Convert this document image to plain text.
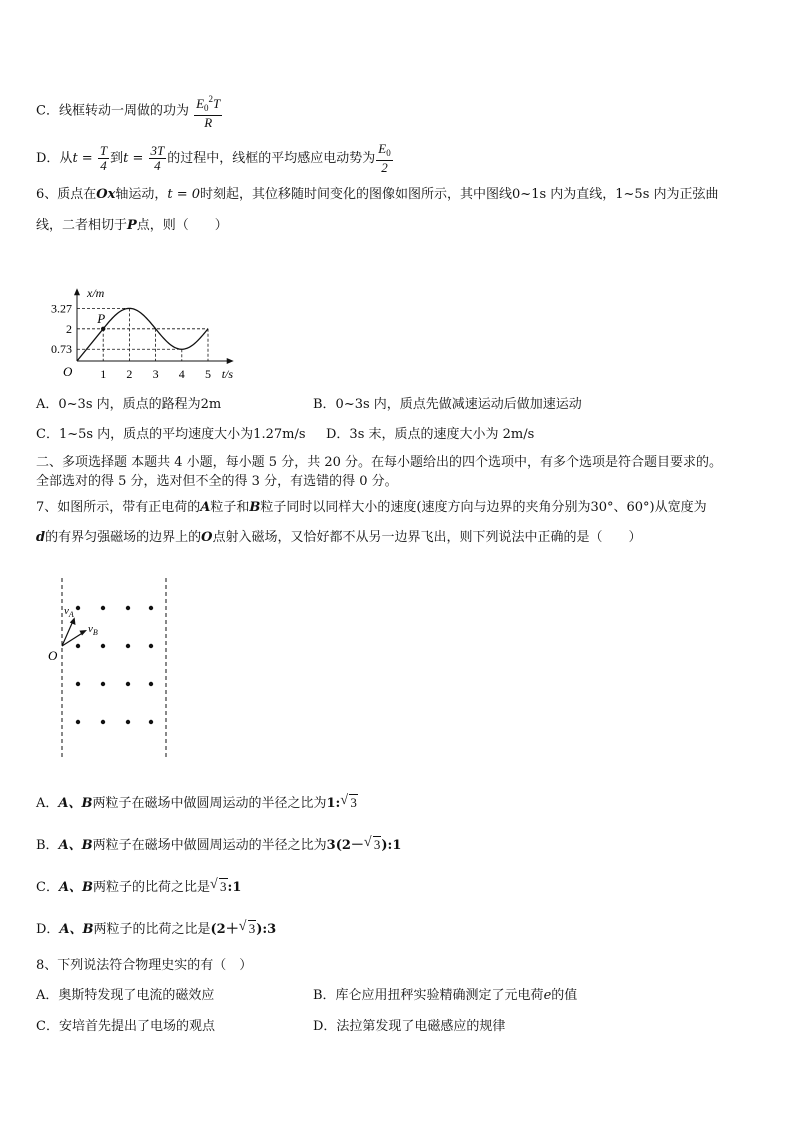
C．线框转动一周做的功为 $\frac{E_0^2T}{R}$
D．从$t = \frac{T}{4}$ 到$t = \frac{3T}{4}$ 的过程中，线框的平均感应电动势为 $\frac{E_0}{2}$
6、质点在Ox轴运动，t = 0时刻起，其位移随时间变化的图像如图所示，其中图线0~1s 内为直线，1~5s 内为正弦曲
线，二者相切于P点，则（　　）
x/m
t/s
O 1 2 3 4 5
0.73
2
3.27
P
A．0~3s 内，质点的路程为2m	B．0~3s 内，质点先做减速运动后做加速运动
C．1~5s 内，质点的平均速度大小为1.27m/s D．3s 末，质点的速度大小为 2m/s
二、多项选择题 本题共 4 小题，每小题 5 分，共 20 分。在每小题给出的四个选项中，有多个选项是符合题目要求的。
全部选对的得 5 分，选对但不全的得 3 分，有选错的得 0 分。
7、如图所示，带有正电荷的A粒子和B粒子同时以同样大小的速度(速度方向与边界的夹角分别为30°、60°)从宽度为
d的有界匀强磁场的边界上的O点射入磁场，又恰好都不从另一边界飞出，则下列说法中正确的是（　　）
O
$v_A$
$v_B$
A．A、B两粒子在磁场中做圆周运动的半径之比为1: √ 3
B．A、B两粒子在磁场中做圆周运动的半径之比为3(2－ √ 3):1
C．A、B两粒子的比荷之比是 √ 3:1
D．A、B两粒子的比荷之比是(2＋ √ 3):3
8、下列说法符合物理史实的有（　）
A．奥斯特发现了电流的磁效应	B．库仑应用扭秤实验精确测定了元电荷e的值
C．安培首先提出了电场的观点	D．法拉第发现了电磁感应的规律
